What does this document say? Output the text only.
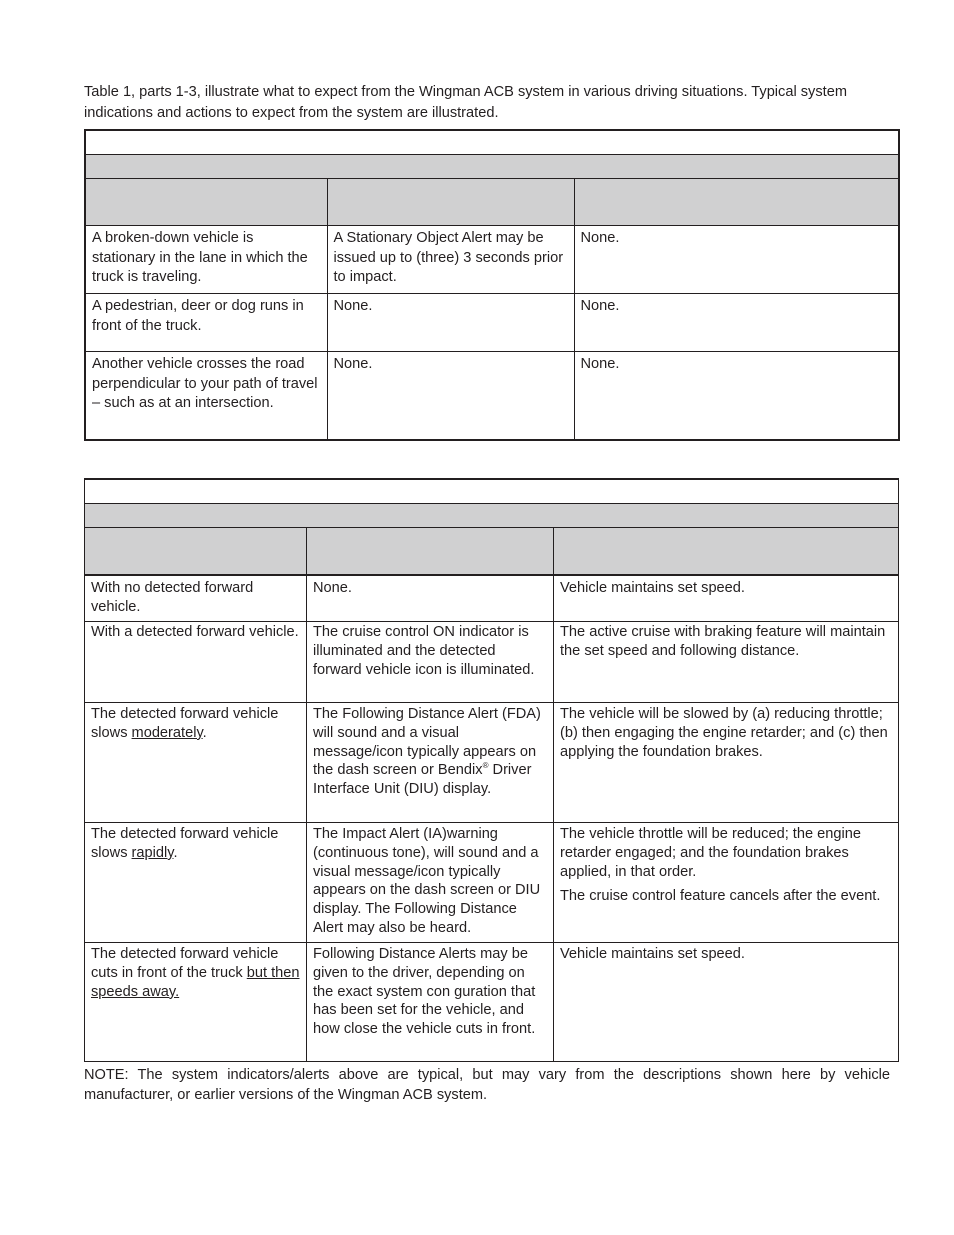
Table 1, parts 1-3, illustrate what to expect from the Wingman ACB system in various driving situations. Typical system indications and actions to expect from the system are illustrated.

A broken-down vehicle is stationary in the lane in which the truck is traveling.	A Stationary Object Alert may be issued up to (three) 3 seconds prior to impact.	None.
A pedestrian, deer or dog runs in front of the truck.	None.	None.
Another vehicle crosses the road perpendicular to your path of travel – such as at an intersection.	None.	None.

With no detected forward vehicle.	None.	Vehicle maintains set speed.
With a detected forward vehicle.	The cruise control ON indicator is illuminated and the detected forward vehicle icon is illuminated.	The active cruise with braking feature will maintain the set speed and following distance.
The detected forward vehicle slows moderately.	The Following Distance Alert (FDA) will sound and a visual message/icon typically appears on the dash screen or Bendix® Driver Interface Unit (DIU) display.	The vehicle will be slowed by (a) reducing throttle; (b) then engaging the engine retarder; and (c) then applying the foundation brakes.
The detected forward vehicle slows rapidly.	The Impact Alert (IA)warning (continuous tone), will sound and a visual message/icon typically appears on the dash screen or DIU display. The Following Distance Alert may also be heard.	The vehicle throttle will be reduced; the engine retarder engaged; and the foundation brakes applied, in that order.
The cruise control feature cancels after the event.

The detected forward vehicle cuts in front of the truck but then speeds away.	Following Distance Alerts may be given to the driver, depending on the exact system con guration that has been set for the vehicle, and how close the vehicle cuts in front.	Vehicle maintains set speed.

NOTE: The system indicators/alerts above are typical, but may vary from the descriptions shown here by vehicle manufacturer, or earlier versions of the Wingman ACB system.
